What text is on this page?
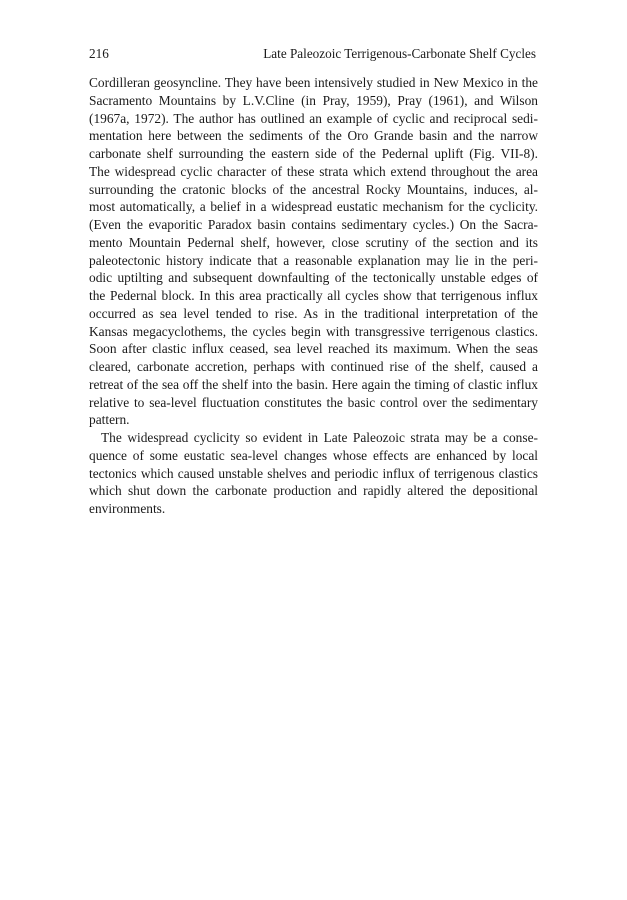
216	Late Paleozoic Terrigenous-Carbonate Shelf Cycles
Cordilleran geosyncline. They have been intensively studied in New Mexico in the
Sacramento Mountains by L.V.Cline (in Pray, 1959), Pray (1961), and Wilson
(1967a, 1972). The author has outlined an example of cyclic and reciprocal sedi-
mentation here between the sediments of the Oro Grande basin and the narrow
carbonate shelf surrounding the eastern side of the Pedernal uplift (Fig. VII-8).
The widespread cyclic character of these strata which extend throughout the area
surrounding the cratonic blocks of the ancestral Rocky Mountains, induces, al-
most automatically, a belief in a widespread eustatic mechanism for the cyclicity.
(Even the evaporitic Paradox basin contains sedimentary cycles.) On the Sacra-
mento Mountain Pedernal shelf, however, close scrutiny of the section and its
paleotectonic history indicate that a reasonable explanation may lie in the peri-
odic uptilting and subsequent downfaulting of the tectonically unstable edges of
the Pedernal block. In this area practically all cycles show that terrigenous influx
occurred as sea level tended to rise. As in the traditional interpretation of the
Kansas megacyclothems, the cycles begin with transgressive terrigenous clastics.
Soon after clastic influx ceased, sea level reached its maximum. When the seas
cleared, carbonate accretion, perhaps with continued rise of the shelf, caused a
retreat of the sea off the shelf into the basin. Here again the timing of clastic influx
relative to sea-level fluctuation constitutes the basic control over the sedimentary
pattern.
The widespread cyclicity so evident in Late Paleozoic strata may be a conse-
quence of some eustatic sea-level changes whose effects are enhanced by local
tectonics which caused unstable shelves and periodic influx of terrigenous clastics
which shut down the carbonate production and rapidly altered the depositional
environments.
